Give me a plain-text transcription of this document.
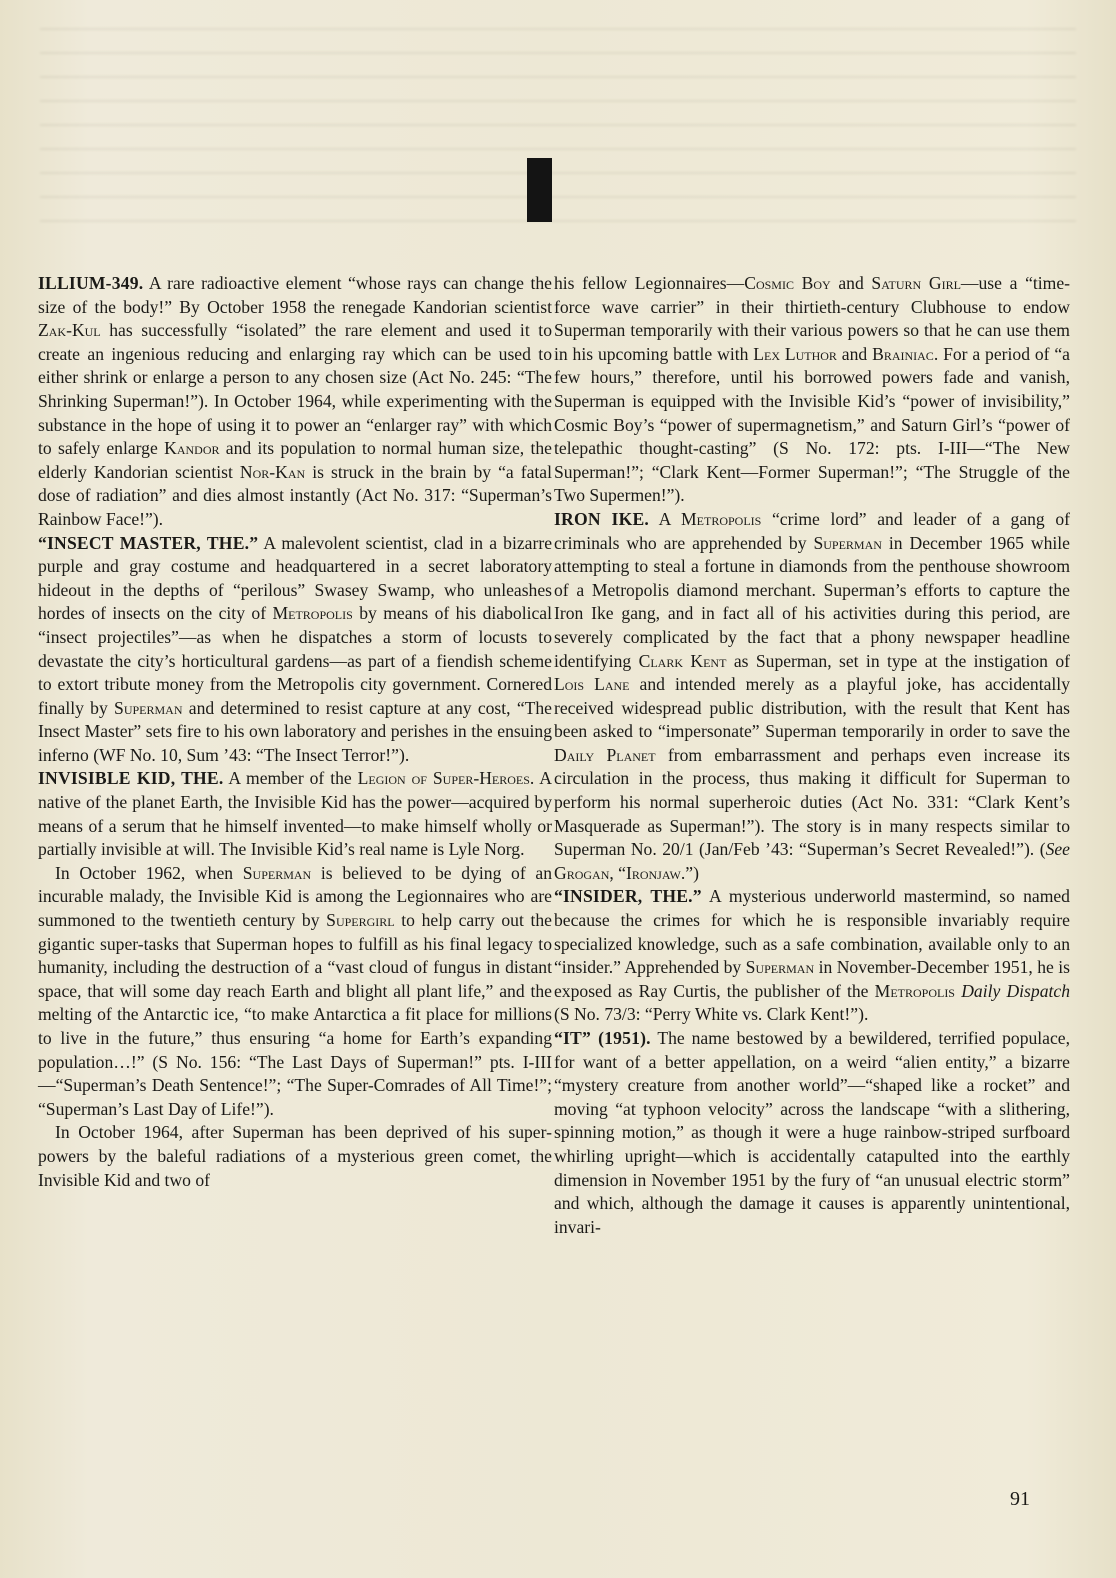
ILLIUM-349. A rare radioactive element “whose rays can change the size of the body!” By October 1958 the renegade Kandorian scientist Zak-Kul has successfully “isolated” the rare element and used it to create an ingenious reducing and enlarging ray which can be used to either shrink or enlarge a person to any chosen size (Act No. 245: “The Shrinking Superman!”). In October 1964, while experimenting with the substance in the hope of using it to power an “enlarger ray” with which to safely enlarge Kandor and its population to normal human size, the elderly Kandorian scientist Nor-Kan is struck in the brain by “a fatal dose of radiation” and dies almost instantly (Act No. 317: “Superman’s Rainbow Face!”).

“INSECT MASTER, THE.” A malevolent scientist, clad in a bizarre purple and gray costume and headquartered in a secret laboratory hideout in the depths of “perilous” Swasey Swamp, who unleashes hordes of insects on the city of Metropolis by means of his diabolical “insect projectiles”—as when he dispatches a storm of locusts to devastate the city’s horticultural gardens—as part of a fiendish scheme to extort tribute money from the Metropolis city government. Cornered finally by Superman and determined to resist capture at any cost, “The Insect Master” sets fire to his own laboratory and perishes in the ensuing inferno (WF No. 10, Sum ’43: “The Insect Terror!”).

INVISIBLE KID, THE. A member of the Legion of Super-Heroes. A native of the planet Earth, the Invisible Kid has the power—acquired by means of a serum that he himself invented—to make himself wholly or partially invisible at will. The Invisible Kid’s real name is Lyle Norg.

In October 1962, when Superman is believed to be dying of an incurable malady, the Invisible Kid is among the Legionnaires who are summoned to the twentieth century by Supergirl to help carry out the gigantic super-tasks that Superman hopes to fulfill as his final legacy to humanity, including the destruction of a “vast cloud of fungus in distant space, that will some day reach Earth and blight all plant life,” and the melting of the Antarctic ice, “to make Antarctica a fit place for millions to live in the future,” thus ensuring “a home for Earth’s expanding population…!” (S No. 156: “The Last Days of Superman!” pts. I-III—“Superman’s Death Sentence!”; “The Super-Comrades of All Time!”; “Superman’s Last Day of Life!”).

In October 1964, after Superman has been deprived of his super-powers by the baleful radiations of a mysterious green comet, the Invisible Kid and two of

his fellow Legionnaires—Cosmic Boy and Saturn Girl—use a “time-force wave carrier” in their thirtieth-century Clubhouse to endow Superman temporarily with their various powers so that he can use them in his upcoming battle with Lex Luthor and Brainiac. For a period of “a few hours,” therefore, until his borrowed powers fade and vanish, Superman is equipped with the Invisible Kid’s “power of invisibility,” Cosmic Boy’s “power of supermagnetism,” and Saturn Girl’s “power of telepathic thought-casting” (S No. 172: pts. I-III—“The New Superman!”; “Clark Kent—Former Superman!”; “The Struggle of the Two Supermen!”).

IRON IKE. A Metropolis “crime lord” and leader of a gang of criminals who are apprehended by Superman in December 1965 while attempting to steal a fortune in diamonds from the penthouse showroom of a Metropolis diamond merchant. Superman’s efforts to capture the Iron Ike gang, and in fact all of his activities during this period, are severely complicated by the fact that a phony newspaper headline identifying Clark Kent as Superman, set in type at the instigation of Lois Lane and intended merely as a playful joke, has accidentally received widespread public distribution, with the result that Kent has been asked to “impersonate” Superman temporarily in order to save the Daily Planet from embarrassment and perhaps even increase its circulation in the process, thus making it difficult for Superman to perform his normal superheroic duties (Act No. 331: “Clark Kent’s Masquerade as Superman!”). The story is in many respects similar to Superman No. 20/1 (Jan/Feb ’43: “Superman’s Secret Revealed!”). (See Grogan, “Ironjaw.”)

“INSIDER, THE.” A mysterious underworld mastermind, so named because the crimes for which he is responsible invariably require specialized knowledge, such as a safe combination, available only to an “insider.” Apprehended by Superman in November-December 1951, he is exposed as Ray Curtis, the publisher of the Metropolis Daily Dispatch (S No. 73/3: “Perry White vs. Clark Kent!”).

“IT” (1951). The name bestowed by a bewildered, terrified populace, for want of a better appellation, on a weird “alien entity,” a bizarre “mystery creature from another world”—“shaped like a rocket” and moving “at typhoon velocity” across the landscape “with a slithering, spinning motion,” as though it were a huge rainbow-striped surfboard whirling upright—which is accidentally catapulted into the earthly dimension in November 1951 by the fury of “an unusual electric storm” and which, although the damage it causes is apparently unintentional, invari-

91
